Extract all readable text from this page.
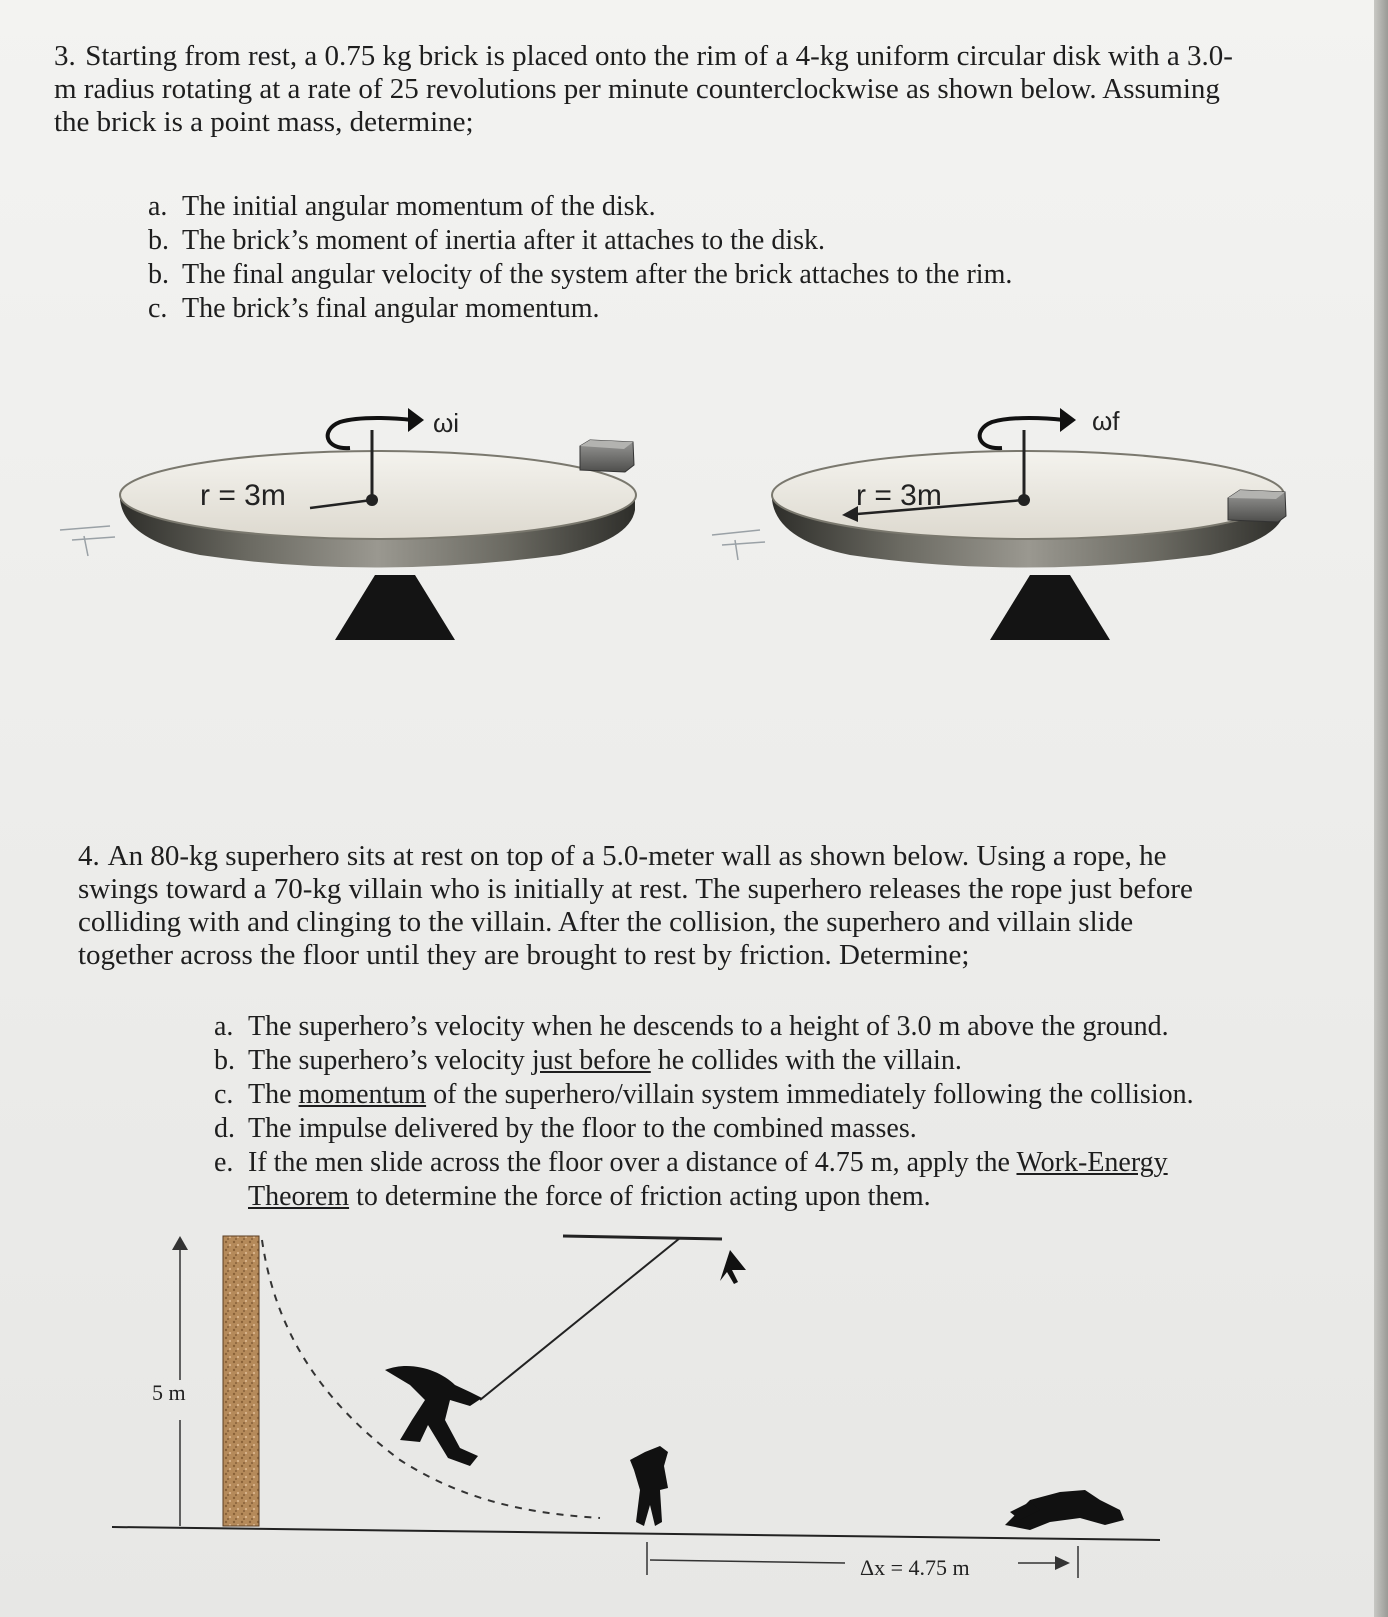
3. Starting from rest, a 0.75 kg brick is placed onto the rim of a 4-kg uniform circular disk with a 3.0-m radius rotating at a rate of 25 revolutions per minute counterclockwise as shown below. Assuming the brick is a point mass, determine;

a. The initial angular momentum of the disk.
b. The brick’s moment of inertia after it attaches to the disk.
b. The final angular velocity of the system after the brick attaches to the rim.
c. The brick’s final angular momentum.
r = 3m
ωi
r = 3m
ωf

4. An 80-kg superhero sits at rest on top of a 5.0-meter wall as shown below. Using a rope, he swings toward a 70-kg villain who is initially at rest. The superhero releases the rope just before colliding with and clinging to the villain. After the collision, the superhero and villain slide together across the floor until they are brought to rest by friction. Determine;

a. The superhero’s velocity when he descends to a height of 3.0 m above the ground.
b. The superhero’s velocity just before he collides with the villain.
c. The momentum of the superhero/villain system immediately following the collision.
d. The impulse delivered by the floor to the combined masses.
e. If the men slide across the floor over a distance of 4.75 m, apply the Work-Energy
Theorem to determine the force of friction acting upon them.
5 m
Δx = 4.75 m
